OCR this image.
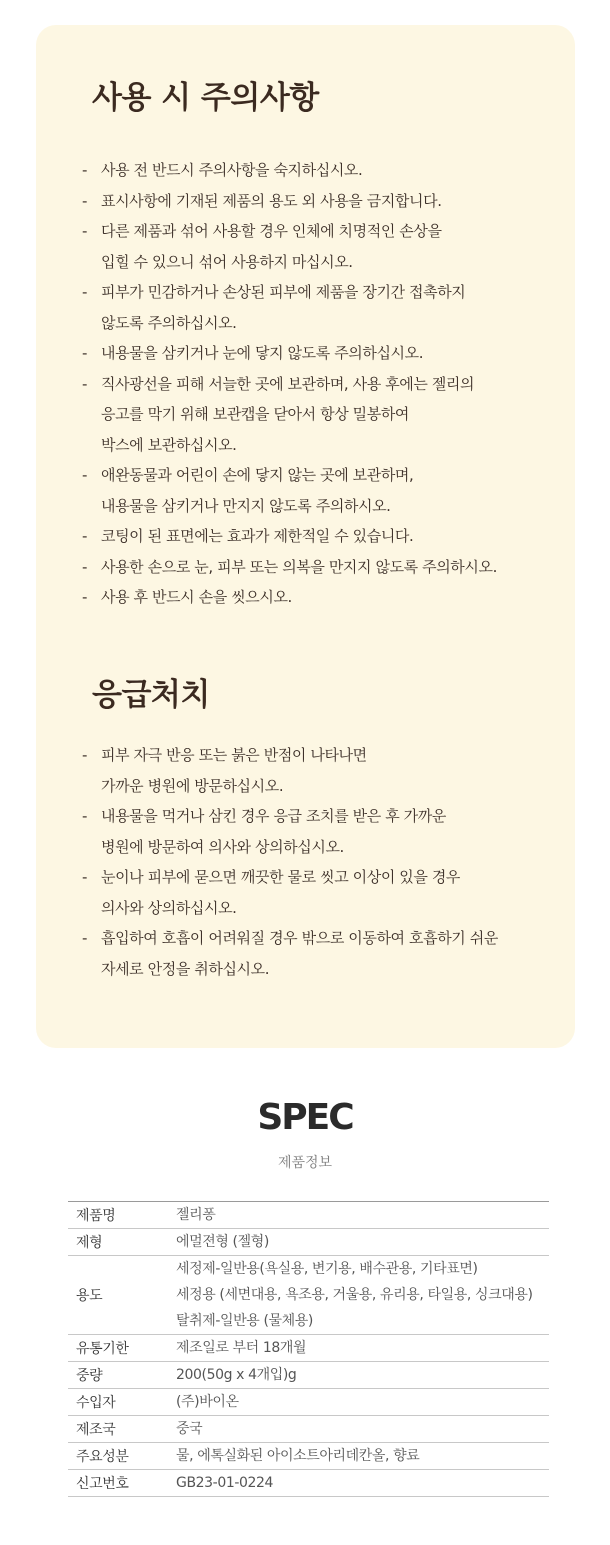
사용 시 주의사항
- 사용 전 반드시 주의사항을 숙지하십시오.
- 표시사항에 기재된 제품의 용도 외 사용을 금지합니다.
- 다른 제품과 섞어 사용할 경우 인체에 치명적인 손상을
입힐 수 있으니 섞어 사용하지 마십시오.
- 피부가 민감하거나 손상된 피부에 제품을 장기간 접촉하지
않도록 주의하십시오.
- 내용물을 삼키거나 눈에 닿지 않도록 주의하십시오.
- 직사광선을 피해 서늘한 곳에 보관하며, 사용 후에는 젤리의
응고를 막기 위해 보관캡을 닫아서 항상 밀봉하여
박스에 보관하십시오.
- 애완동물과 어린이 손에 닿지 않는 곳에 보관하며,
내용물을 삼키거나 만지지 않도록 주의하시오.
- 코팅이 된 표면에는 효과가 제한적일 수 있습니다.
- 사용한 손으로 눈, 피부 또는 의복을 만지지 않도록 주의하시오.
- 사용 후 반드시 손을 씻으시오.
응급처치
- 피부 자극 반응 또는 붉은 반점이 나타나면
가까운 병원에 방문하십시오.
- 내용물을 먹거나 삼킨 경우 응급 조치를 받은 후 가까운
병원에 방문하여 의사와 상의하십시오.
- 눈이나 피부에 묻으면 깨끗한 물로 씻고 이상이 있을 경우
의사와 상의하십시오.
- 흡입하여 호흡이 어려워질 경우 밖으로 이동하여 호흡하기 쉬운
자세로 안정을 취하십시오.
SPEC
제품정보
제품명	젤리퐁

제형	에멀젼형 (젤형)

용도	세정제-일반용(욕실용, 변기용, 배수관용, 기타표면)
세정용 (세면대용, 욕조용, 거울용, 유리용, 타일용, 싱크대용)
탈취제-일반용 (물체용)

유통기한	제조일로 부터 18개월

중량	200(50g x 4개입)g

수입자	(주)바이온

제조국	중국

주요성분	물, 에톡실화된 아이소트아리데칸올, 향료

신고번호	GB23-01-0224
